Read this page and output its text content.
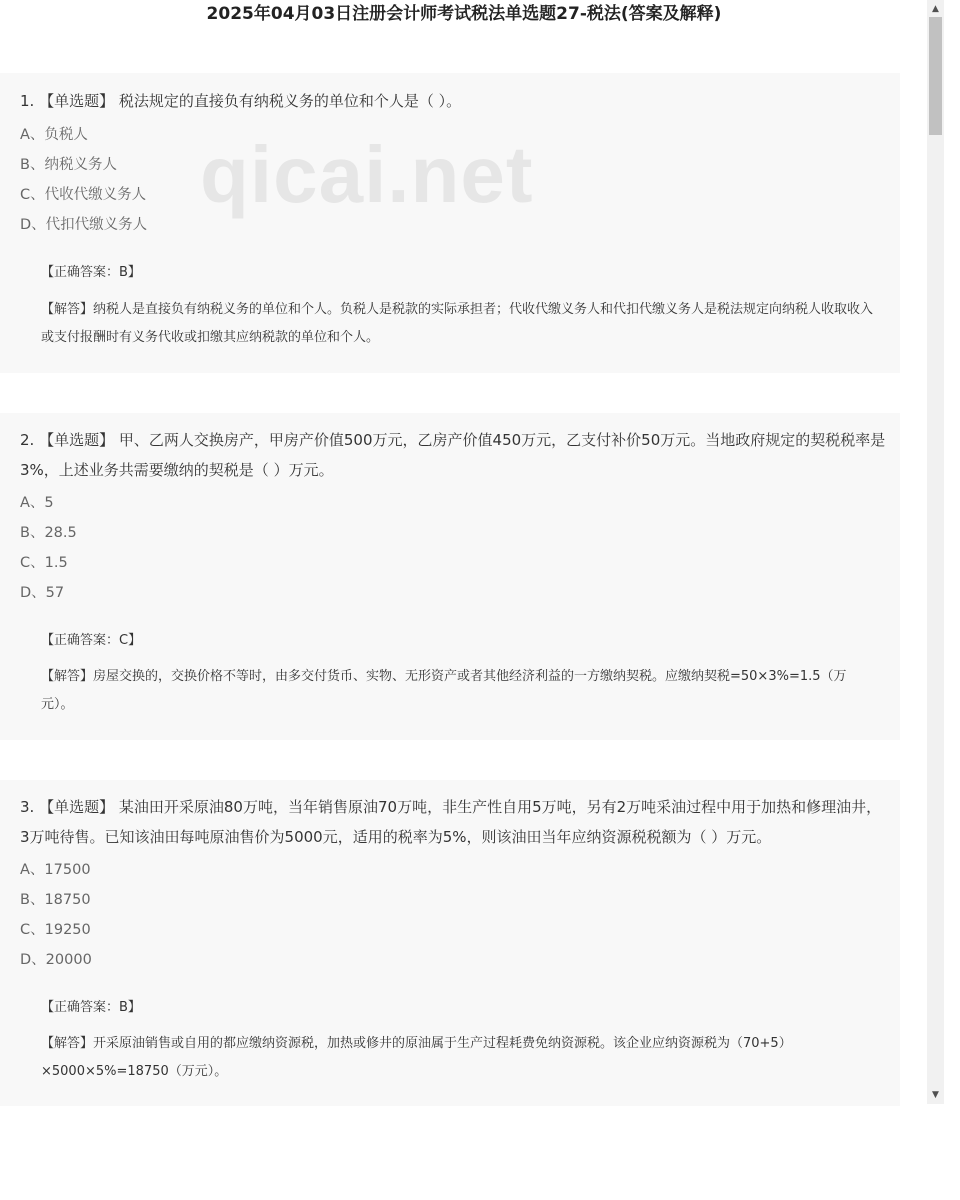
2025年04月03日注册会计师考试税法单选题27-税法(答案及解释)
1. 【单选题】 税法规定的直接负有纳税义务的单位和个人是（ ）。
A、负税人
B、纳税义务人
C、代收代缴义务人
D、代扣代缴义务人
【正确答案：B】
【解答】纳税人是直接负有纳税义务的单位和个人。负税人是税款的实际承担者；代收代缴义务人和代扣代缴义务人是税法规定向纳税人收取收入或支付报酬时有义务代收或扣缴其应纳税款的单位和个人。
2. 【单选题】 甲、乙两人交换房产，甲房产价值500万元，乙房产价值450万元，乙支付补价50万元。当地政府规定的契税税率是3%，上述业务共需要缴纳的契税是（ ）万元。
A、5
B、28.5
C、1.5
D、57
【正确答案：C】
【解答】房屋交换的，交换价格不等时，由多交付货币、实物、无形资产或者其他经济利益的一方缴纳契税。应缴纳契税=50×3%=1.5（万元）。
3. 【单选题】 某油田开采原油80万吨，当年销售原油70万吨，非生产性自用5万吨，另有2万吨采油过程中用于加热和修理油井，3万吨待售。已知该油田每吨原油售价为5000元，适用的税率为5%，则该油田当年应纳资源税税额为（ ）万元。
A、17500
B、18750
C、19250
D、20000
【正确答案：B】
【解答】开采原油销售或自用的都应缴纳资源税，加热或修井的原油属于生产过程耗费免纳资源税。该企业应纳资源税为（70+5）×5000×5%=18750（万元）。
qicai.net
▲
▼
